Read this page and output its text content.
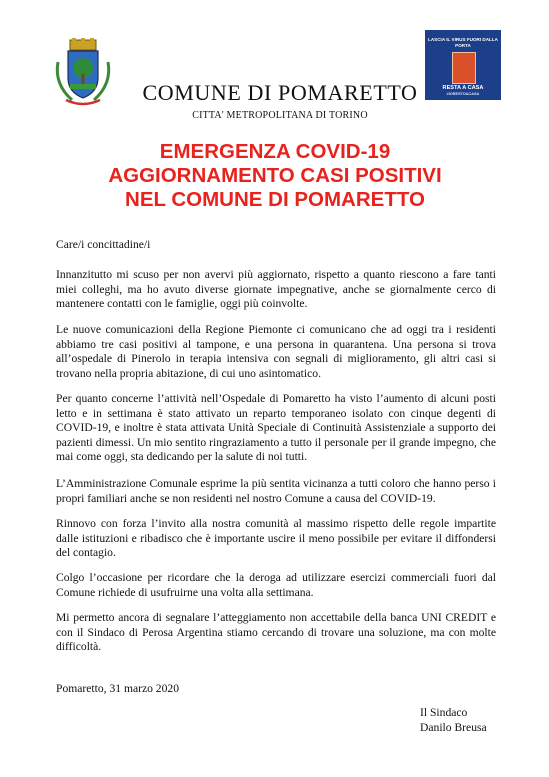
LASCIA IL VIRUS FUORI DALLA PORTA
RESTA A CASA
#IORESTOACASA
COMUNE DI POMARETTO
CITTA' METROPOLITANA DI TORINO
EMERGENZA COVID-19
AGGIORNAMENTO CASI POSITIVI
NEL COMUNE DI POMARETTO
Care/i concittadine/i

Innanzitutto mi scuso per non avervi più aggiornato, rispetto a quanto riescono a fare tanti miei colleghi, ma ho avuto diverse giornate impegnative, anche se giornalmente cerco di mantenere contatti con le famiglie, oggi più coinvolte.

Le nuove comunicazioni della Regione Piemonte ci comunicano che ad oggi tra i residenti abbiamo tre casi positivi al tampone, e una persona in quarantena. Una persona si trova all’ospedale di Pinerolo in terapia intensiva con segnali di miglioramento, gli altri casi si trovano nella propria abitazione, di cui uno asintomatico.

Per quanto concerne l’attività nell’Ospedale di Pomaretto ha visto l’aumento di alcuni posti letto e in settimana è stato attivato un reparto temporaneo isolato con cinque degenti di COVID-19, e inoltre è stata attivata Unità Speciale di Continuità Assistenziale a supporto dei pazienti dimessi. Un mio sentito ringraziamento a tutto il personale per il grande impegno, che mai come oggi, sta dedicando per la salute di noi tutti.

L’Amministrazione Comunale esprime la più sentita vicinanza a tutti coloro che hanno perso i propri familiari anche se non residenti nel nostro Comune a causa del COVID-19.

Rinnovo con forza l’invito alla nostra comunità al massimo rispetto delle regole impartite dalle istituzioni e ribadisco che è importante uscire il meno possibile per evitare il diffondersi del contagio.

Colgo l’occasione per ricordare che la deroga ad utilizzare esercizi commerciali fuori dal Comune richiede di usufruirne una volta alla settimana.

Mi permetto ancora di segnalare l’atteggiamento non accettabile della banca UNI CREDIT e con il Sindaco di Perosa Argentina stiamo cercando di trovare una soluzione, ma con molte difficoltà.

Pomaretto, 31 marzo 2020
Il Sindaco
Danilo Breusa
